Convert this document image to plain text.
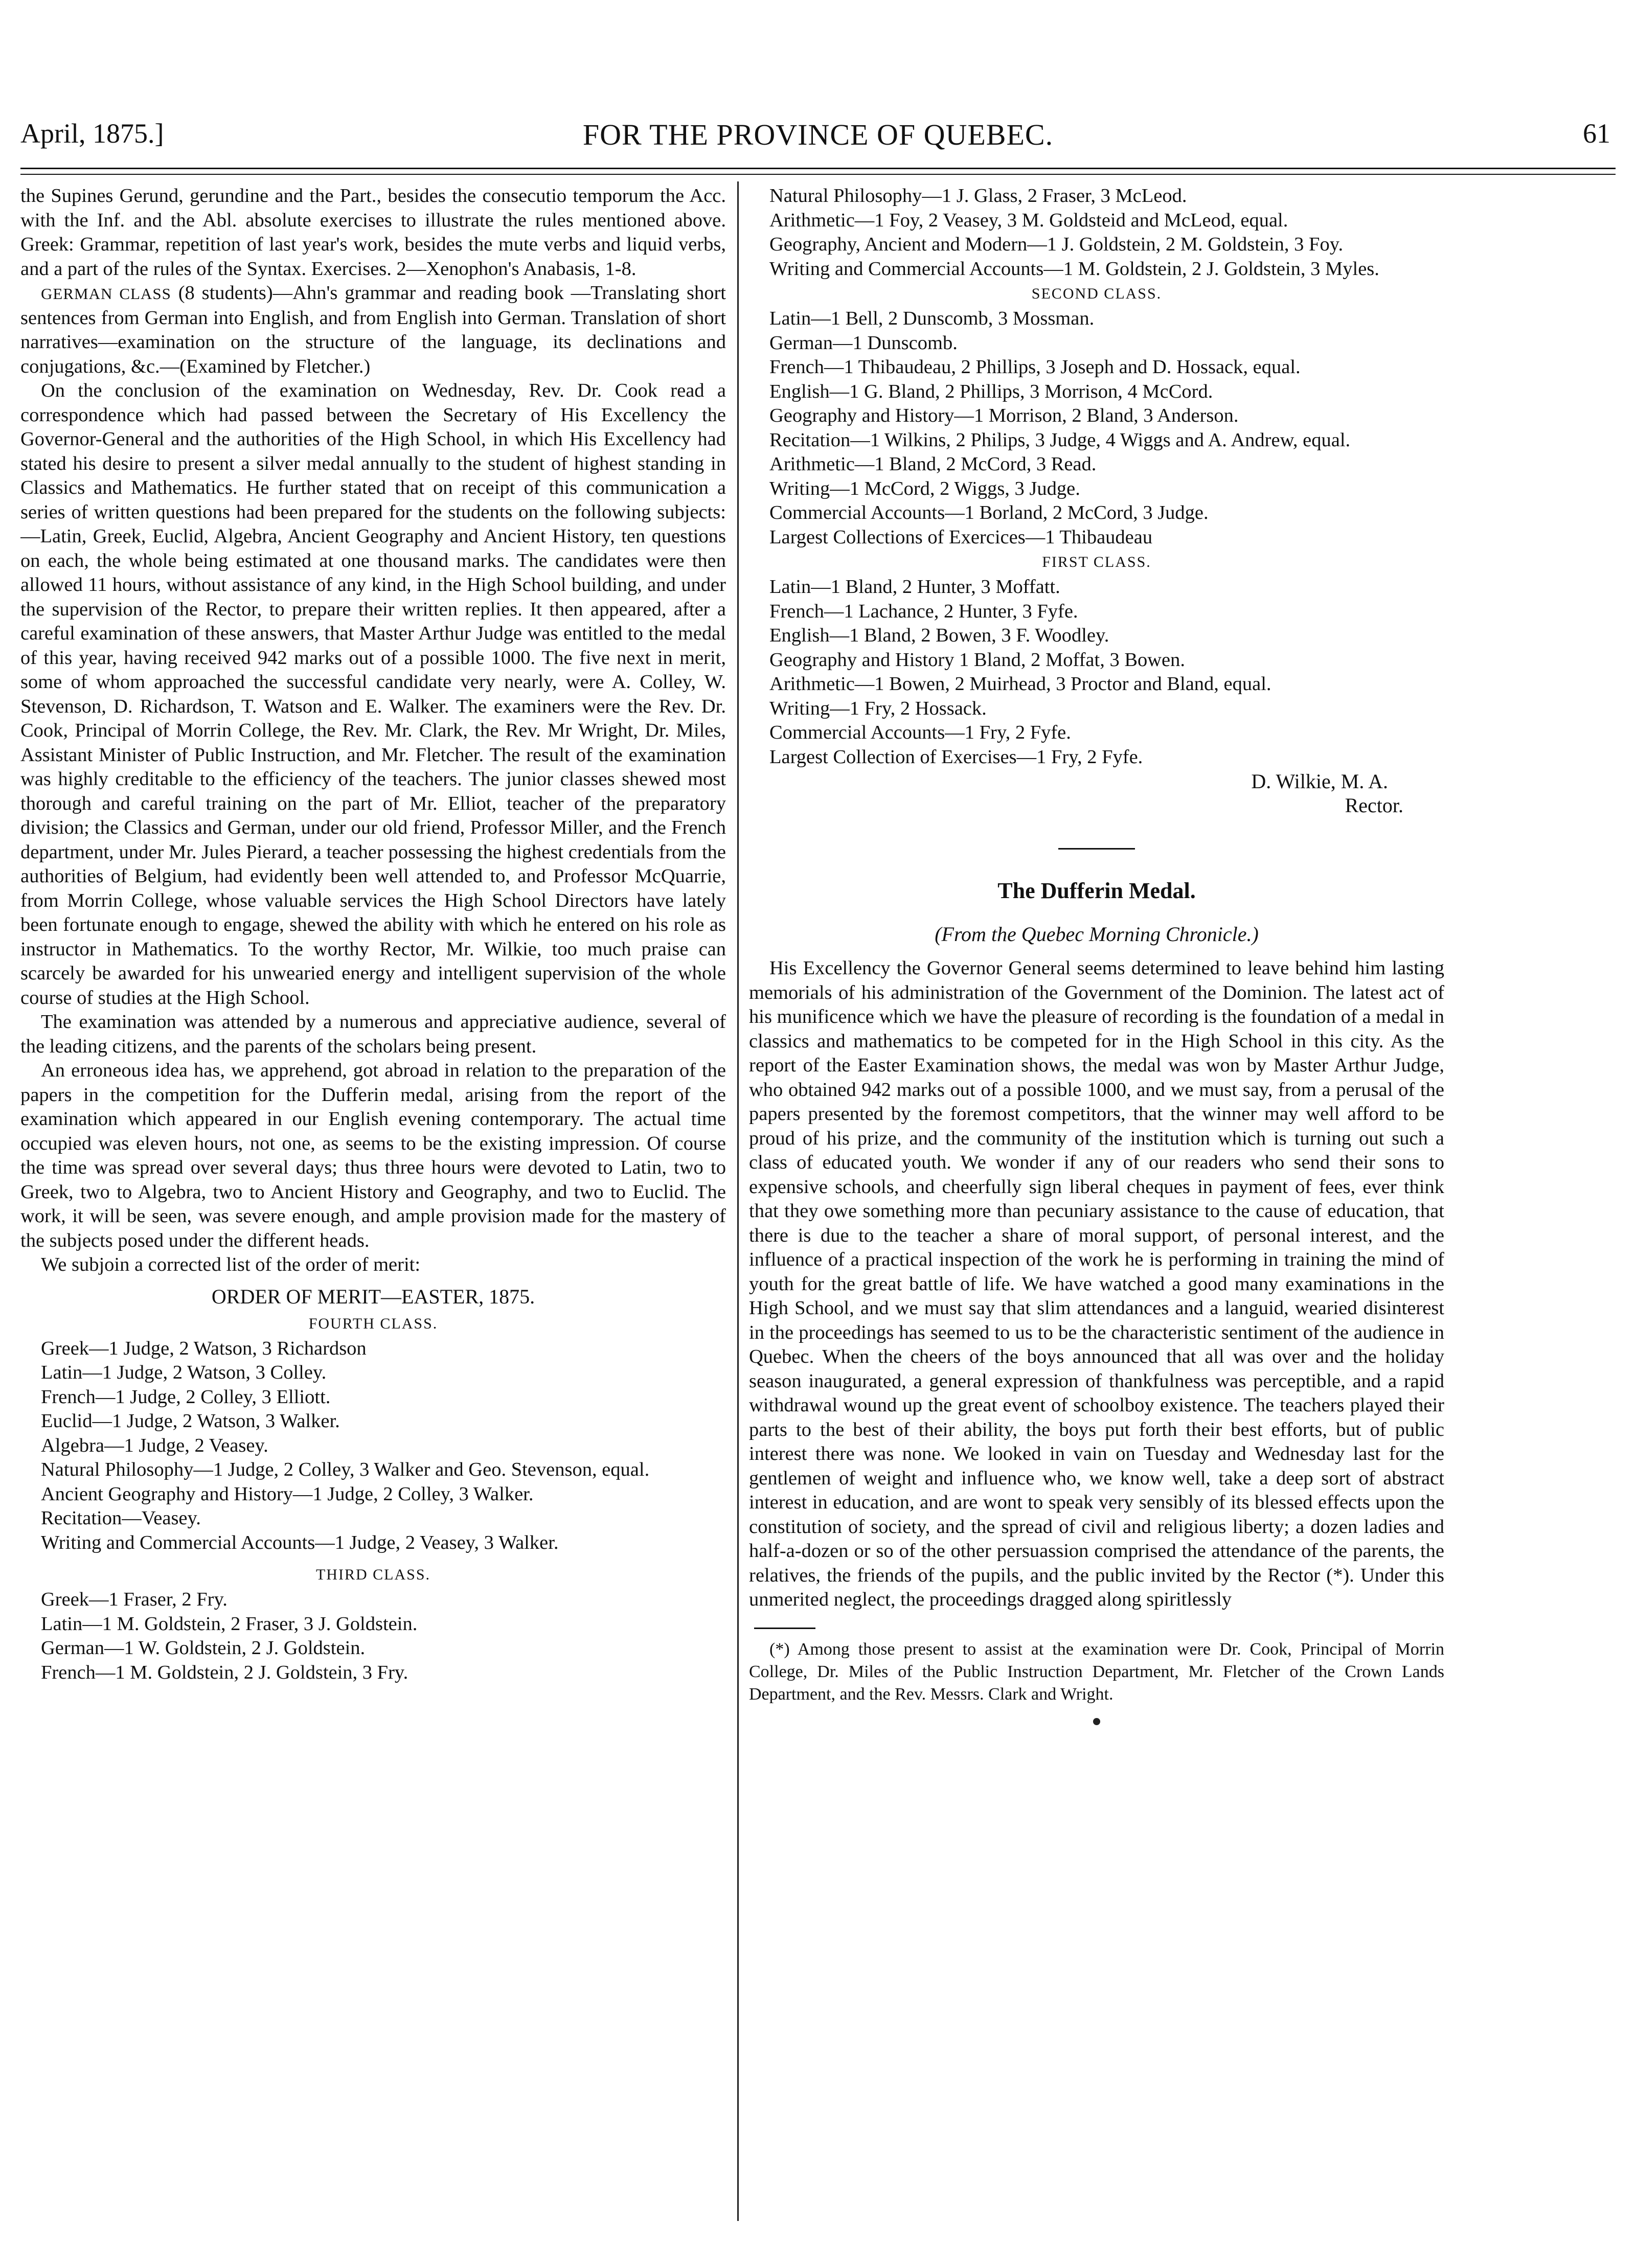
April, 1875.]	FOR THE PROVINCE OF QUEBEC.	61

the Supines Gerund, gerundine and the Part., besides the consecutio temporum the Acc. with the Inf. and the Abl. absolute exercises to illustrate the rules mentioned above. Greek: Grammar, repetition of last year's work, besides the mute verbs and liquid verbs, and a part of the rules of the Syntax. Exercises. 2—Xenophon's Anabasis, 1-8.

GERMAN CLASS (8 students)—Ahn's grammar and reading book —Translating short sentences from German into English, and from English into German. Translation of short narratives—examination on the structure of the language, its declinations and conjugations, &c.—(Examined by Fletcher.)

On the conclusion of the examination on Wednesday, Rev. Dr. Cook read a correspondence which had passed between the Secretary of His Excellency the Governor-General and the authorities of the High School, in which His Excellency had stated his desire to present a silver medal annually to the student of highest standing in Classics and Mathematics. He further stated that on receipt of this communication a series of written questions had been prepared for the students on the following subjects:—Latin, Greek, Euclid, Algebra, Ancient Geography and Ancient History, ten questions on each, the whole being estimated at one thousand marks. The candidates were then allowed 11 hours, without assistance of any kind, in the High School building, and under the supervision of the Rector, to prepare their written replies. It then appeared, after a careful examination of these answers, that Master Arthur Judge was entitled to the medal of this year, having received 942 marks out of a possible 1000. The five next in merit, some of whom approached the successful candidate very nearly, were A. Colley, W. Stevenson, D. Richardson, T. Watson and E. Walker. The examiners were the Rev. Dr. Cook, Principal of Morrin College, the Rev. Mr. Clark, the Rev. Mr Wright, Dr. Miles, Assistant Minister of Public Instruction, and Mr. Fletcher. The result of the examination was highly creditable to the efficiency of the teachers. The junior classes shewed most thorough and careful training on the part of Mr. Elliot, teacher of the preparatory division; the Classics and German, under our old friend, Professor Miller, and the French department, under Mr. Jules Pierard, a teacher possessing the highest credentials from the authorities of Belgium, had evidently been well attended to, and Professor McQuarrie, from Morrin College, whose valuable services the High School Directors have lately been fortunate enough to engage, shewed the ability with which he entered on his role as instructor in Mathematics. To the worthy Rector, Mr. Wilkie, too much praise can scarcely be awarded for his unwearied energy and intelligent supervision of the whole course of studies at the High School.

The examination was attended by a numerous and appreciative audience, several of the leading citizens, and the parents of the scholars being present.

An erroneous idea has, we apprehend, got abroad in relation to the preparation of the papers in the competition for the Dufferin medal, arising from the report of the examination which appeared in our English evening contemporary. The actual time occupied was eleven hours, not one, as seems to be the existing impression. Of course the time was spread over several days; thus three hours were devoted to Latin, two to Greek, two to Algebra, two to Ancient History and Geography, and two to Euclid. The work, it will be seen, was severe enough, and ample provision made for the mastery of the subjects posed under the different heads.

We subjoin a corrected list of the order of merit:

ORDER OF MERIT—EASTER, 1875.
FOURTH CLASS.

Greek—1 Judge, 2 Watson, 3 Richardson

Latin—1 Judge, 2 Watson, 3 Colley.

French—1 Judge, 2 Colley, 3 Elliott.

Euclid—1 Judge, 2 Watson, 3 Walker.

Algebra—1 Judge, 2 Veasey.

Natural Philosophy—1 Judge, 2 Colley, 3 Walker and Geo. Stevenson, equal.

Ancient Geography and History—1 Judge, 2 Colley, 3 Walker.

Recitation—Veasey.

Writing and Commercial Accounts—1 Judge, 2 Veasey, 3 Walker.

THIRD CLASS.

Greek—1 Fraser, 2 Fry.

Latin—1 M. Goldstein, 2 Fraser, 3 J. Goldstein.

German—1 W. Goldstein, 2 J. Goldstein.

French—1 M. Goldstein, 2 J. Goldstein, 3 Fry.

Natural Philosophy—1 J. Glass, 2 Fraser, 3 McLeod.

Arithmetic—1 Foy, 2 Veasey, 3 M. Goldsteid and McLeod, equal.

Geography, Ancient and Modern—1 J. Goldstein, 2 M. Goldstein, 3 Foy.

Writing and Commercial Accounts—1 M. Goldstein, 2 J. Goldstein, 3 Myles.

SECOND CLASS.

Latin—1 Bell, 2 Dunscomb, 3 Mossman.

German—1 Dunscomb.

French—1 Thibaudeau, 2 Phillips, 3 Joseph and D. Hossack, equal.

English—1 G. Bland, 2 Phillips, 3 Morrison, 4 McCord.

Geography and History—1 Morrison, 2 Bland, 3 Anderson.

Recitation—1 Wilkins, 2 Philips, 3 Judge, 4 Wiggs and A. Andrew, equal.

Arithmetic—1 Bland, 2 McCord, 3 Read.

Writing—1 McCord, 2 Wiggs, 3 Judge.

Commercial Accounts—1 Borland, 2 McCord, 3 Judge.

Largest Collections of Exercices—1 Thibaudeau

FIRST CLASS.

Latin—1 Bland, 2 Hunter, 3 Moffatt.

French—1 Lachance, 2 Hunter, 3 Fyfe.

English—1 Bland, 2 Bowen, 3 F. Woodley.

Geography and History 1 Bland, 2 Moffat, 3 Bowen.

Arithmetic—1 Bowen, 2 Muirhead, 3 Proctor and Bland, equal.

Writing—1 Fry, 2 Hossack.

Commercial Accounts—1 Fry, 2 Fyfe.

Largest Collection of Exercises—1 Fry, 2 Fyfe.

D. Wilkie, M. A.
Rector.
The Dufferin Medal.
(From the Quebec Morning Chronicle.)

His Excellency the Governor General seems determined to leave behind him lasting memorials of his administration of the Government of the Dominion. The latest act of his munificence which we have the pleasure of recording is the foundation of a medal in classics and mathematics to be competed for in the High School in this city. As the report of the Easter Examination shows, the medal was won by Master Arthur Judge, who obtained 942 marks out of a possible 1000, and we must say, from a perusal of the papers presented by the foremost competitors, that the winner may well afford to be proud of his prize, and the community of the institution which is turning out such a class of educated youth. We wonder if any of our readers who send their sons to expensive schools, and cheerfully sign liberal cheques in payment of fees, ever think that they owe something more than pecuniary assistance to the cause of education, that there is due to the teacher a share of moral support, of personal interest, and the influence of a practical inspection of the work he is performing in training the mind of youth for the great battle of life. We have watched a good many examinations in the High School, and we must say that slim attendances and a languid, wearied disinterest in the proceedings has seemed to us to be the characteristic sentiment of the audience in Quebec. When the cheers of the boys announced that all was over and the holiday season inaugurated, a general expression of thankfulness was perceptible, and a rapid withdrawal wound up the great event of schoolboy existence. The teachers played their parts to the best of their ability, the boys put forth their best efforts, but of public interest there was none. We looked in vain on Tuesday and Wednesday last for the gentlemen of weight and influence who, we know well, take a deep sort of abstract interest in education, and are wont to speak very sensibly of its blessed effects upon the constitution of society, and the spread of civil and religious liberty; a dozen ladies and half-a-dozen or so of the other persuassion comprised the attendance of the parents, the relatives, the friends of the pupils, and the public invited by the Rector (*). Under this unmerited neglect, the proceedings dragged along spiritlessly

(*) Among those present to assist at the examination were Dr. Cook, Principal of Morrin College, Dr. Miles of the Public Instruction Department, Mr. Fletcher of the Crown Lands Department, and the Rev. Messrs. Clark and Wright.
